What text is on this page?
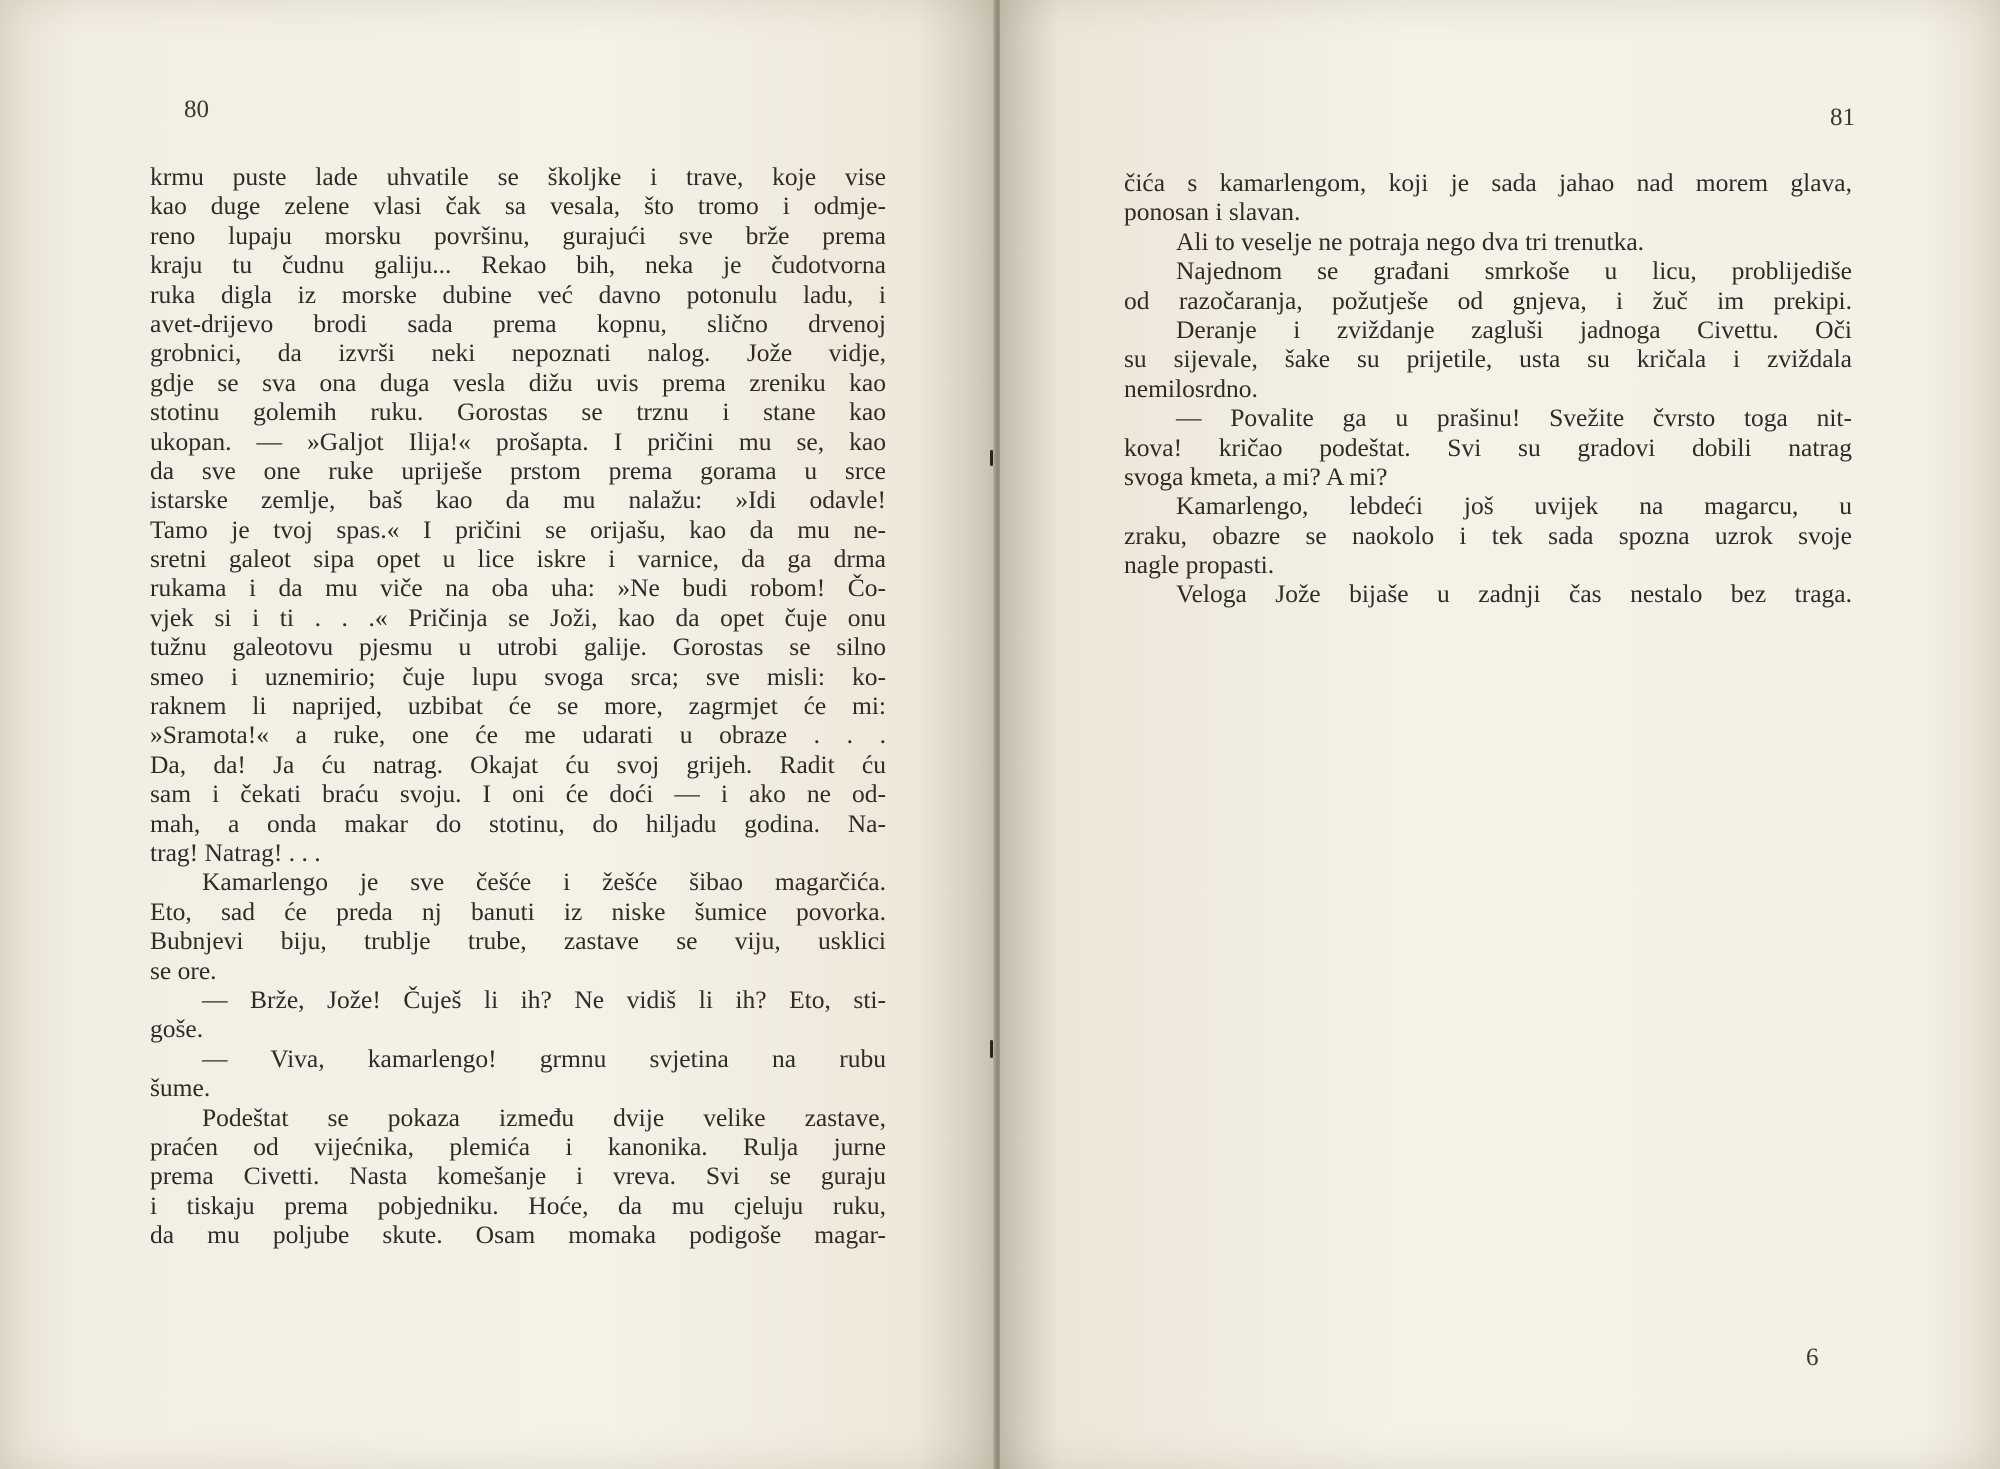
80
krmu puste lade uhvatile se školjke i trave, koje vise
kao duge zelene vlasi čak sa vesala, što tromo i odmje-
reno lupaju morsku površinu, gurajući sve brže prema
kraju tu čudnu galiju... Rekao bih, neka je čudotvorna
ruka digla iz morske dubine već davno potonulu ladu, i
avet-drijevo brodi sada prema kopnu, slično drvenoj
grobnici, da izvrši neki nepoznati nalog. Jože vidje,
gdje se sva ona duga vesla dižu uvis prema zreniku kao
stotinu golemih ruku. Gorostas se trznu i stane kao
ukopan. — »Galjot Ilija!« prošapta. I pričini mu se, kao
da sve one ruke upriješe prstom prema gorama u srce
istarske zemlje, baš kao da mu nalažu: »Idi odavle!
Tamo je tvoj spas.« I pričini se orijašu, kao da mu ne-
sretni galeot sipa opet u lice iskre i varnice, da ga drma
rukama i da mu viče na oba uha: »Ne budi robom! Čo-
vjek si i ti . . .« Pričinja se Joži, kao da opet čuje onu
tužnu galeotovu pjesmu u utrobi galije. Gorostas se silno
smeo i uznemirio; čuje lupu svoga srca; sve misli: ko-
raknem li naprijed, uzbibat će se more, zagrmjet će mi:
»Sramota!« a ruke, one će me udarati u obraze . . .
Da, da! Ja ću natrag. Okajat ću svoj grijeh. Radit ću
sam i čekati braću svoju. I oni će doći — i ako ne od-
mah, a onda makar do stotinu, do hiljadu godina. Na-
trag! Natrag! . . .
Kamarlengo je sve češće i žešće šibao magarčića.
Eto, sad će preda nj banuti iz niske šumice povorka.
Bubnjevi biju, trublje trube, zastave se viju, usklici
se ore.
— Brže, Jože! Čuješ li ih? Ne vidiš li ih? Eto, sti-
goše.
— Viva, kamarlengo! grmnu svjetina na rubu
šume.
Podeštat se pokaza između dvije velike zastave,
praćen od vijećnika, plemića i kanonika. Rulja jurne
prema Civetti. Nasta komešanje i vreva. Svi se guraju
i tiskaju prema pobjedniku. Hoće, da mu cjeluju ruku,
da mu poljube skute. Osam momaka podigoše magar-
81
čića s kamarlengom, koji je sada jahao nad morem glava,
ponosan i slavan.
Ali to veselje ne potraja nego dva tri trenutka.
Najednom se građani smrkoše u licu, problijediše
od razočaranja, požutješe od gnjeva, i žuč im prekipi.
Deranje i zviždanje zagluši jadnoga Civettu. Oči
su sijevale, šake su prijetile, usta su kričala i zviždala
nemilosrdno.
— Povalite ga u prašinu! Svežite čvrsto toga nit-
kova! kričao podeštat. Svi su gradovi dobili natrag
svoga kmeta, a mi? A mi?
Kamarlengo, lebdeći još uvijek na magarcu, u
zraku, obazre se naokolo i tek sada spozna uzrok svoje
nagle propasti.
Veloga Jože bijaše u zadnji čas nestalo bez traga.
6
